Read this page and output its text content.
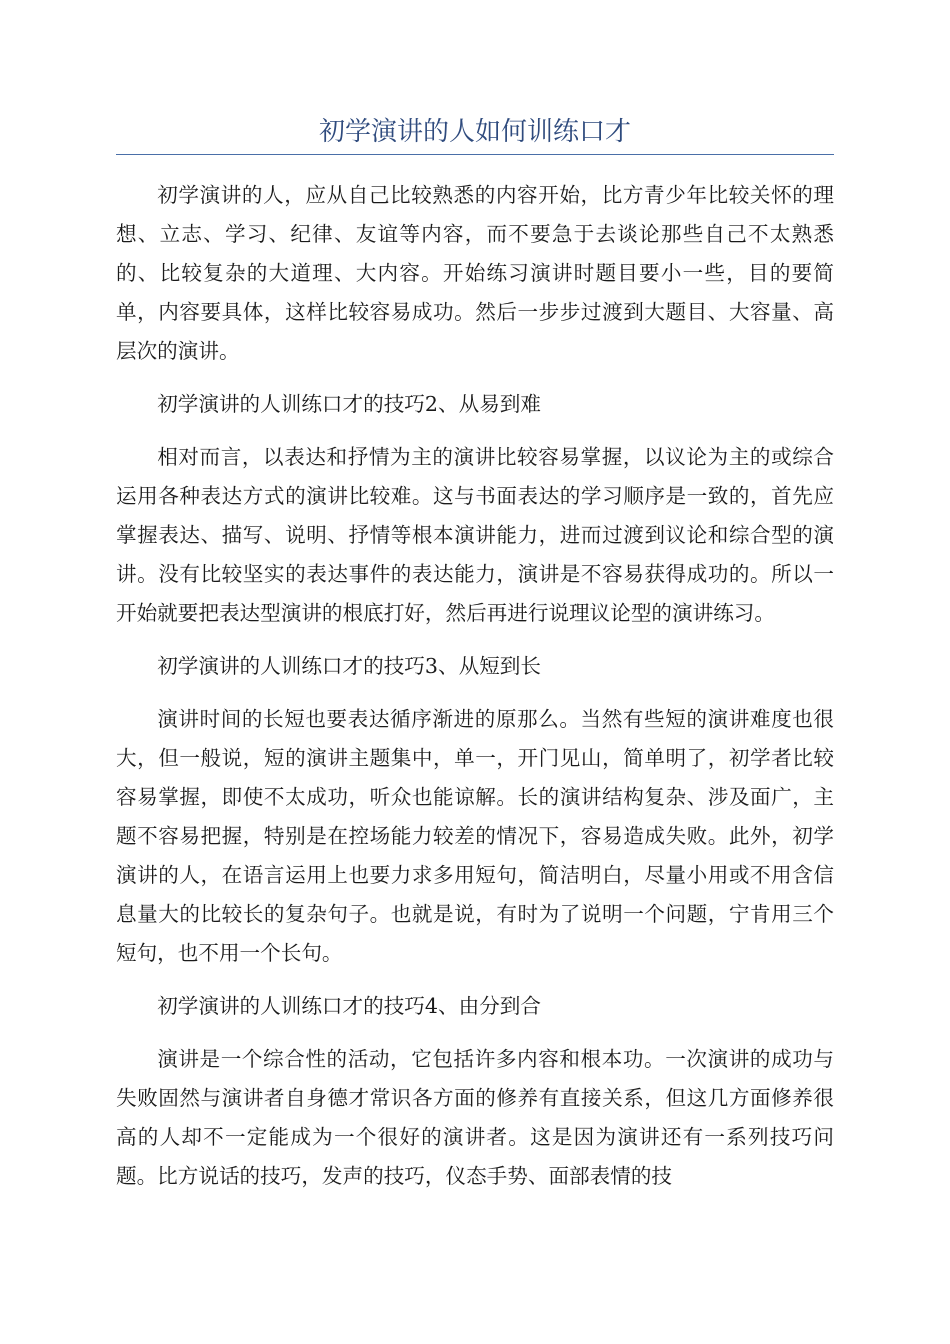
初学演讲的人如何训练口才

初学演讲的人，应从自己比较熟悉的内容开始，比方青少年比较关怀的理想、立志、学习、纪律、友谊等内容，而不要急于去谈论那些自己不太熟悉的、比较复杂的大道理、大内容。开始练习演讲时题目要小一些，目的要简单，内容要具体，这样比较容易成功。然后一步步过渡到大题目、大容量、高层次的演讲。

初学演讲的人训练口才的技巧2、从易到难

相对而言，以表达和抒情为主的演讲比较容易掌握，以议论为主的或综合运用各种表达方式的演讲比较难。这与书面表达的学习顺序是一致的，首先应掌握表达、描写、说明、抒情等根本演讲能力，进而过渡到议论和综合型的演讲。没有比较坚实的表达事件的表达能力，演讲是不容易获得成功的。所以一开始就要把表达型演讲的根底打好，然后再进行说理议论型的演讲练习。

初学演讲的人训练口才的技巧3、从短到长

演讲时间的长短也要表达循序渐进的原那么。当然有些短的演讲难度也很大，但一般说，短的演讲主题集中，单一，开门见山，简单明了，初学者比较容易掌握，即使不太成功，听众也能谅解。长的演讲结构复杂、涉及面广，主题不容易把握，特别是在控场能力较差的情况下，容易造成失败。此外，初学演讲的人，在语言运用上也要力求多用短句，简洁明白，尽量小用或不用含信息量大的比较长的复杂句子。也就是说，有时为了说明一个问题，宁肯用三个短句，也不用一个长句。

初学演讲的人训练口才的技巧4、由分到合

演讲是一个综合性的活动，它包括许多内容和根本功。一次演讲的成功与失败固然与演讲者自身德才常识各方面的修养有直接关系，但这几方面修养很高的人却不一定能成为一个很好的演讲者。这是因为演讲还有一系列技巧问题。比方说话的技巧，发声的技巧，仪态手势、面部表情的技
